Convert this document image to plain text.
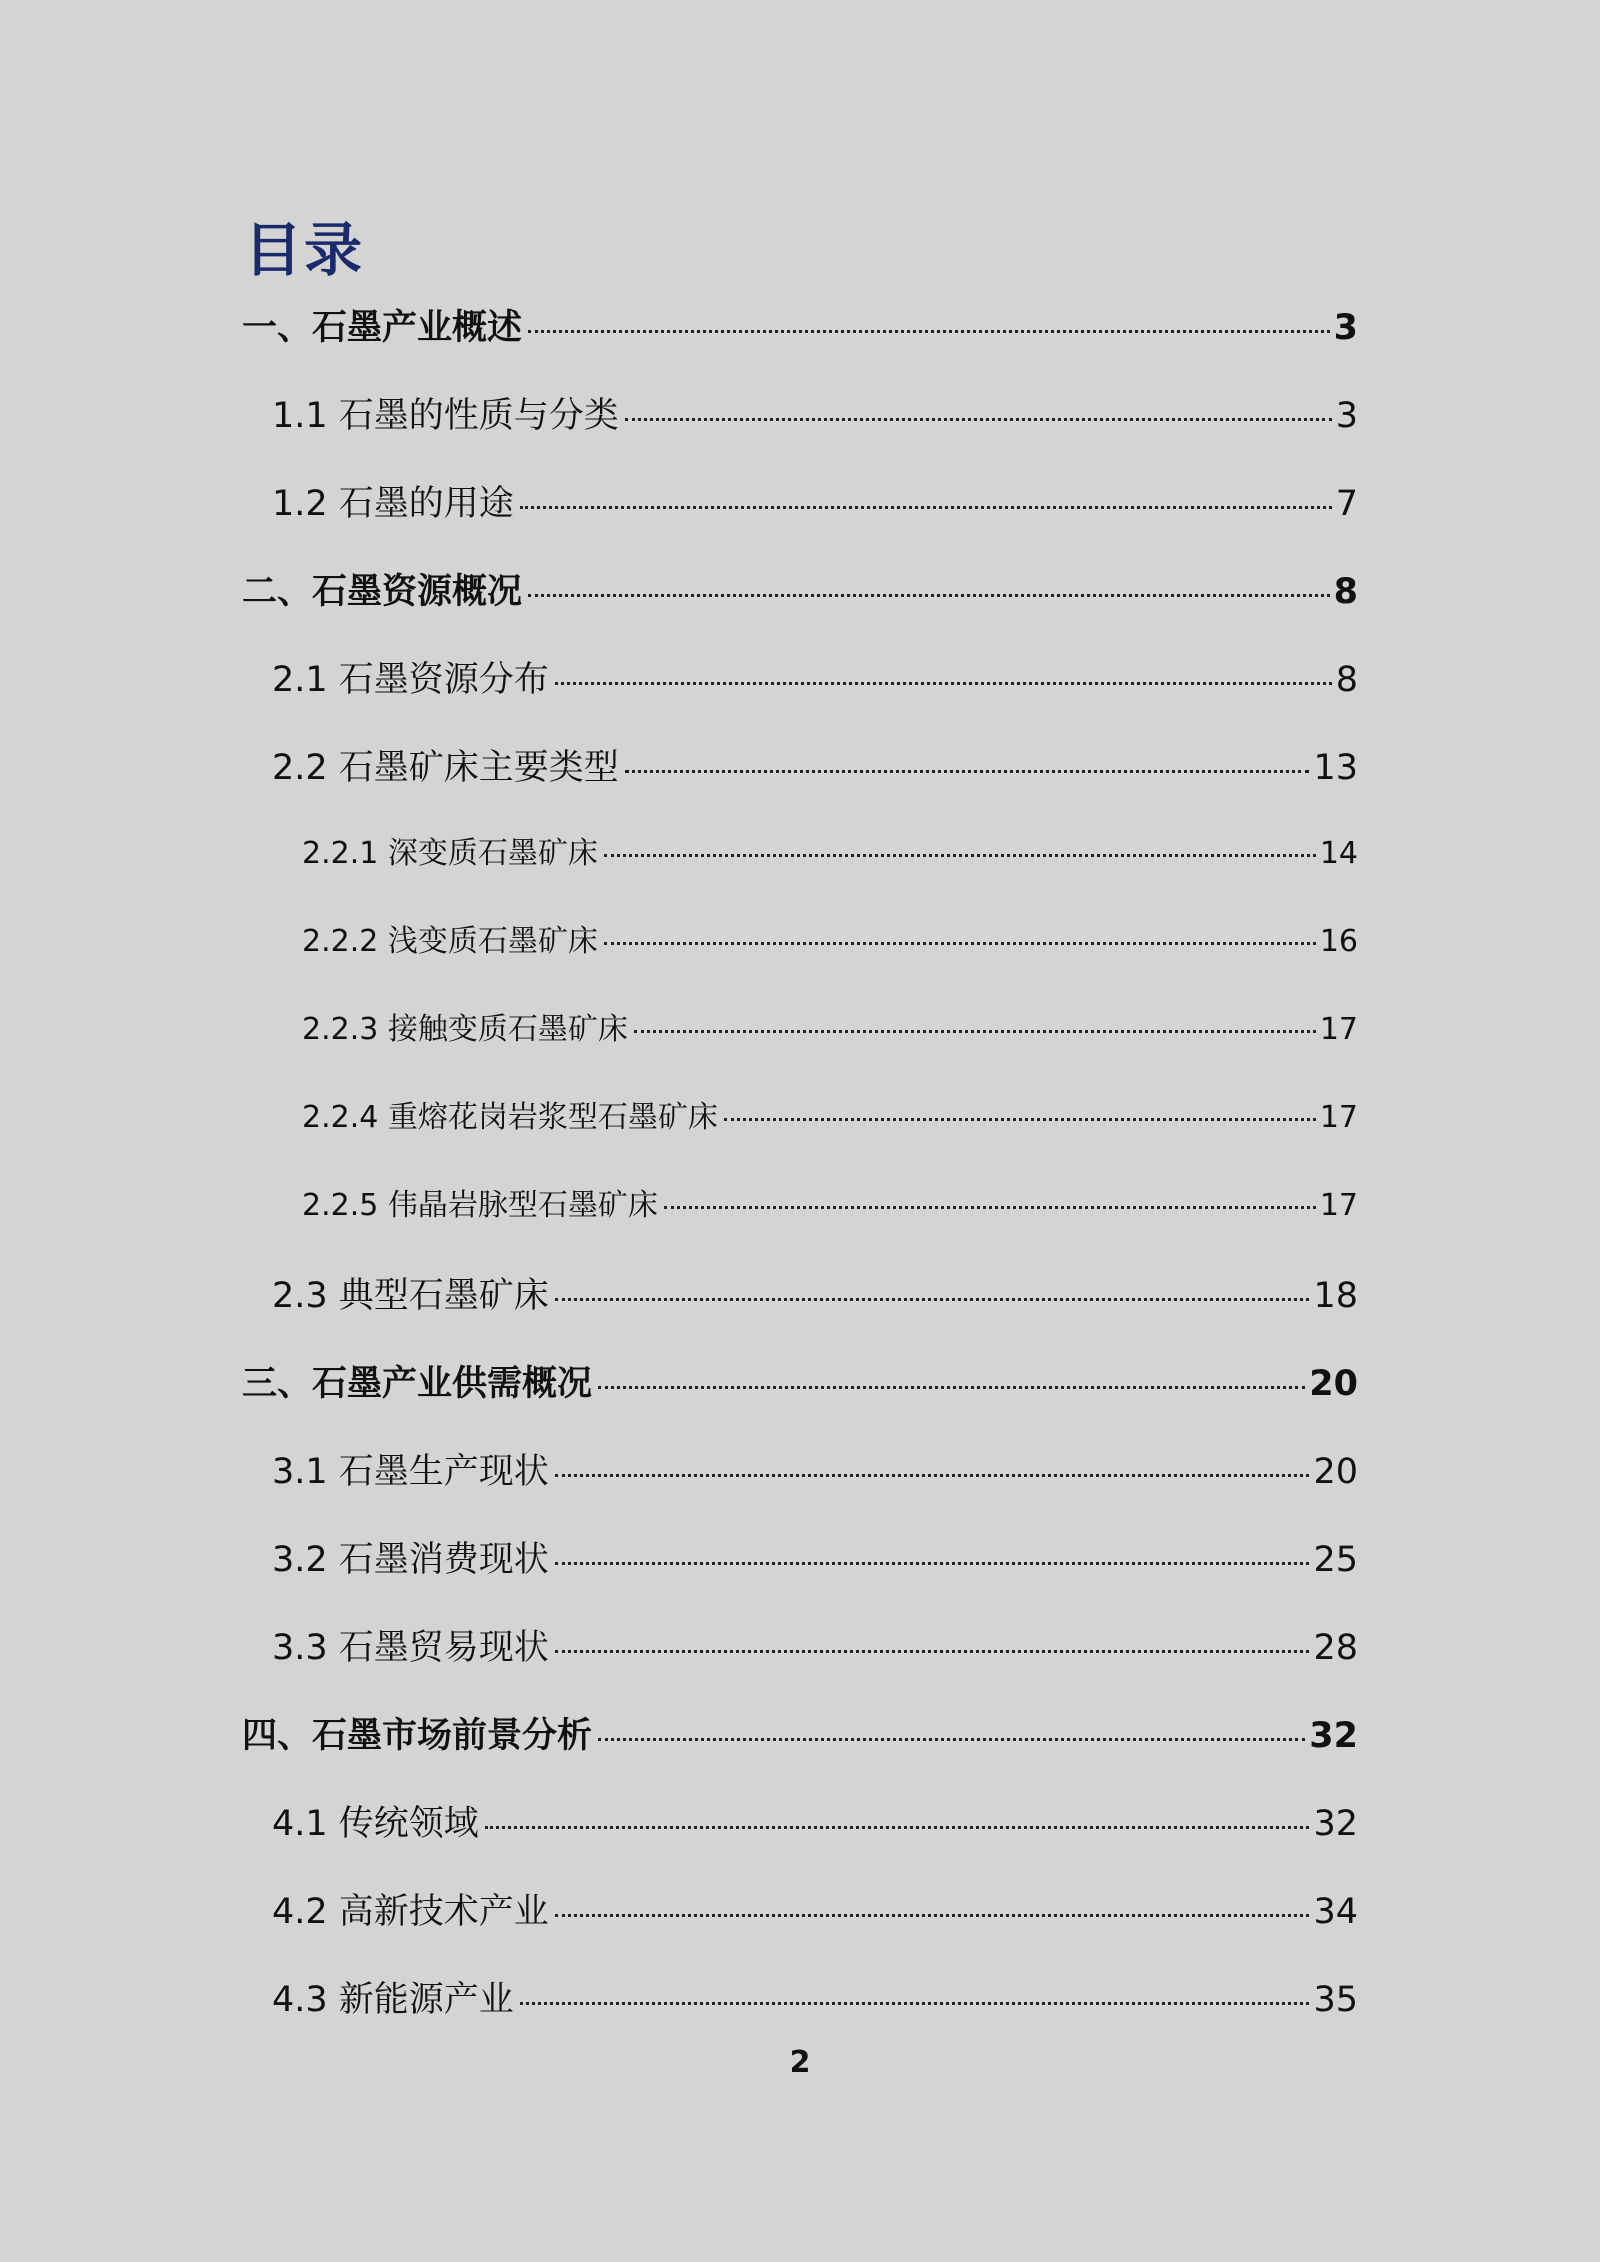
目录
一、石墨产业概述	3
1.1 石墨的性质与分类	3
1.2 石墨的用途	7
二、石墨资源概况	8
2.1 石墨资源分布	8
2.2 石墨矿床主要类型	13
2.2.1 深变质石墨矿床	14
2.2.2 浅变质石墨矿床	16
2.2.3 接触变质石墨矿床	17
2.2.4 重熔花岗岩浆型石墨矿床	17
2.2.5 伟晶岩脉型石墨矿床	17
2.3 典型石墨矿床	18
三、石墨产业供需概况	20
3.1 石墨生产现状	20
3.2 石墨消费现状	25
3.3 石墨贸易现状	28
四、石墨市场前景分析	32
4.1 传统领域	32
4.2 高新技术产业	34
4.3 新能源产业	35
2
